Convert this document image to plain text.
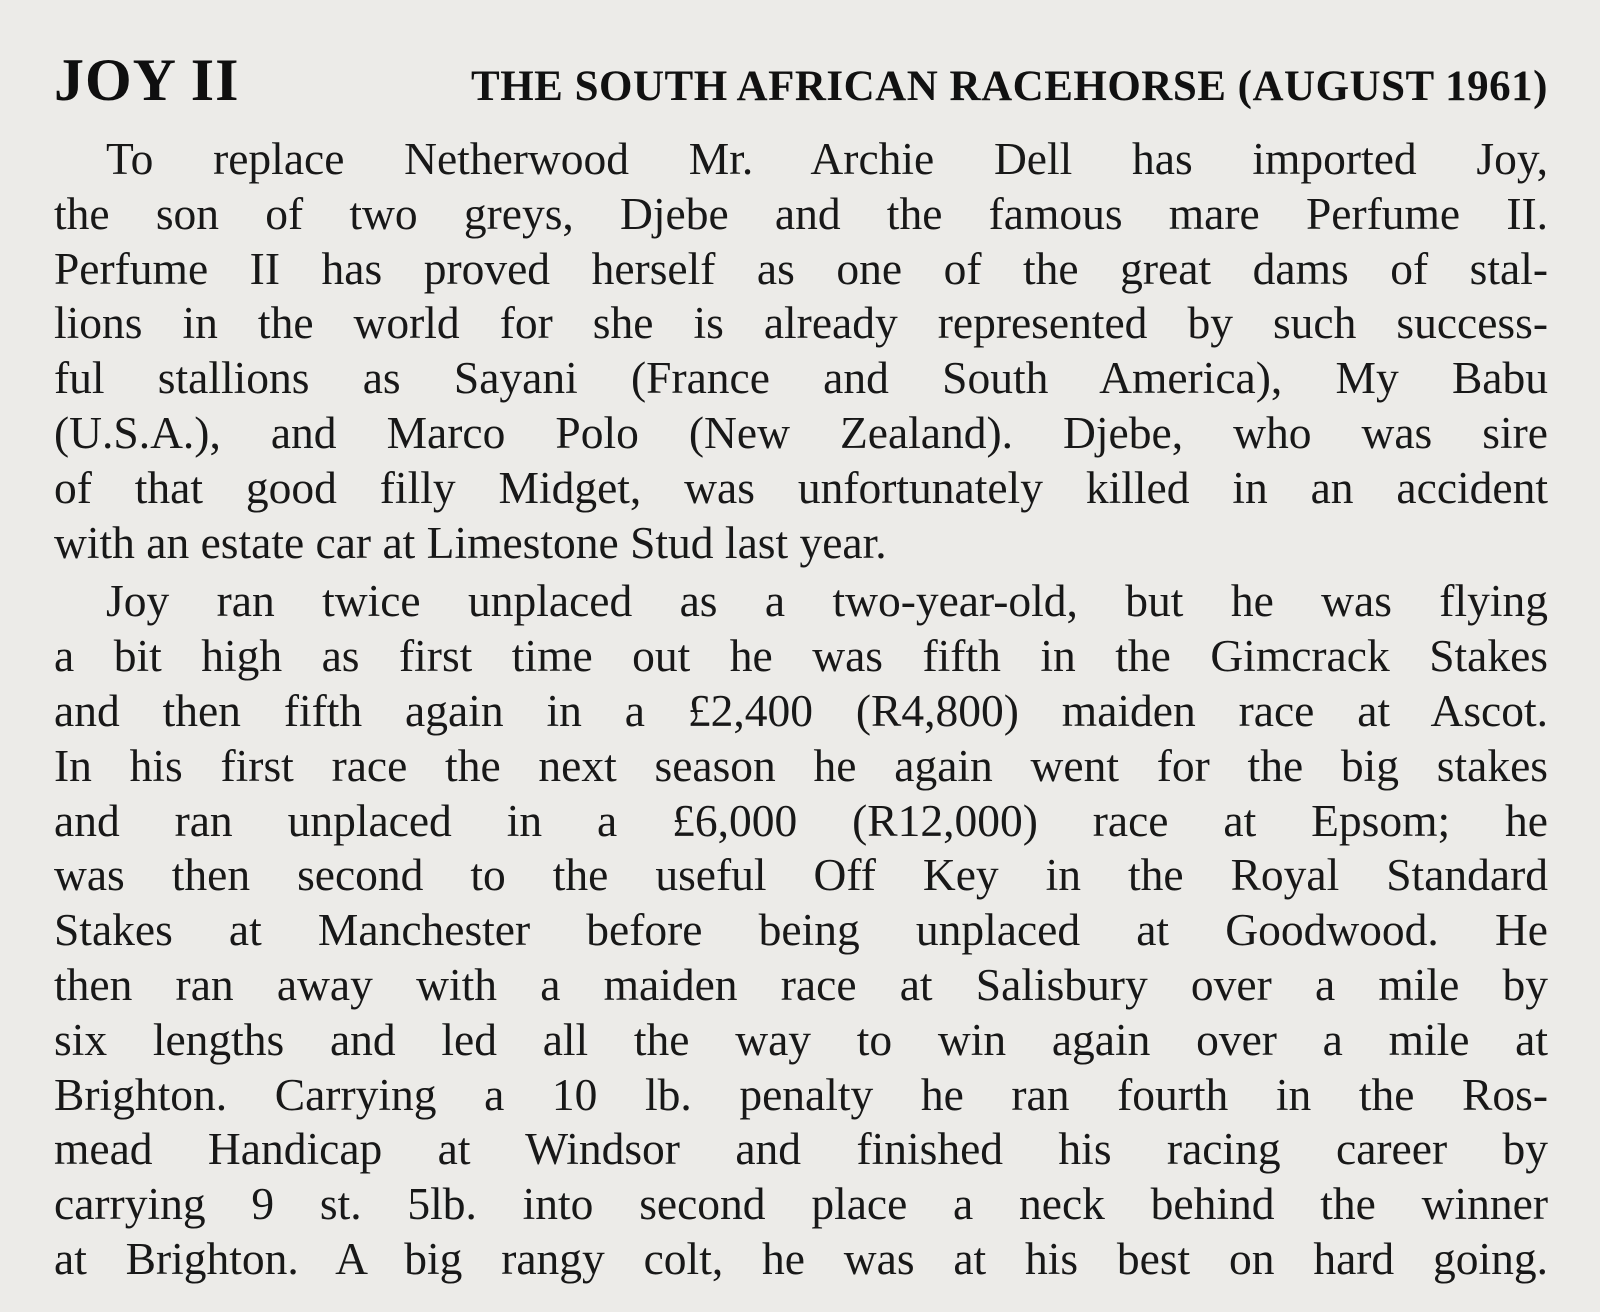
JOY II	THE SOUTH AFRICAN RACEHORSE (AUGUST 1961)
To replace Netherwood Mr. Archie Dell has imported Joy,
the son of two greys, Djebe and the famous mare Perfume II.
Perfume II has proved herself as one of the great dams of stal-
lions in the world for she is already represented by such success-
ful stallions as Sayani (France and South America), My Babu
(U.S.A.), and Marco Polo (New Zealand). Djebe, who was sire
of that good filly Midget, was unfortunately killed in an accident
with an estate car at Limestone Stud last year.
Joy ran twice unplaced as a two-year-old, but he was flying
a bit high as first time out he was fifth in the Gimcrack Stakes
and then fifth again in a £2,400 (R4,800) maiden race at Ascot.
In his first race the next season he again went for the big stakes
and ran unplaced in a £6,000 (R12,000) race at Epsom; he
was then second to the useful Off Key in the Royal Standard
Stakes at Manchester before being unplaced at Goodwood. He
then ran away with a maiden race at Salisbury over a mile by
six lengths and led all the way to win again over a mile at
Brighton. Carrying a 10 lb. penalty he ran fourth in the Ros-
mead Handicap at Windsor and finished his racing career by
carrying 9 st. 5lb. into second place a neck behind the winner
at Brighton. A big rangy colt, he was at his best on hard going.
